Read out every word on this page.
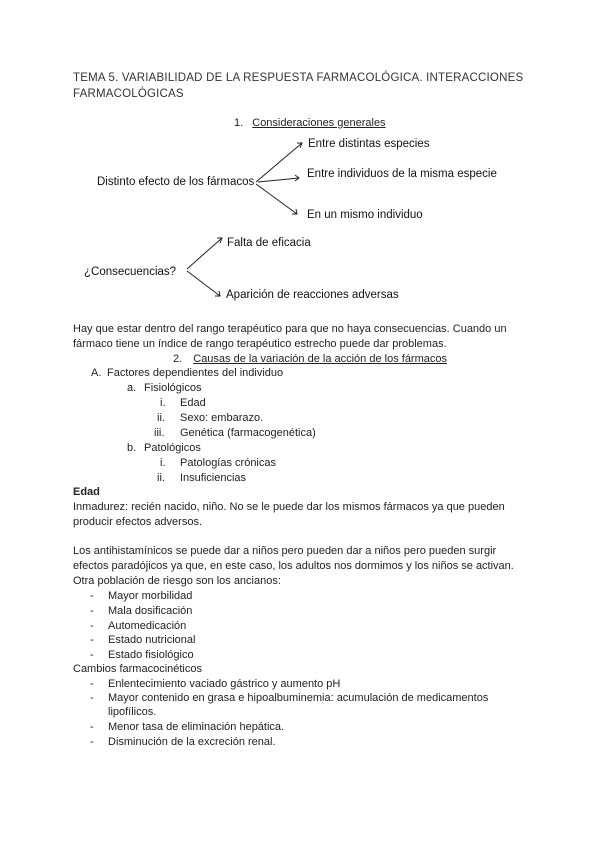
TEMA 5. VARIABILIDAD DE LA RESPUESTA FARMACOLÓGICA. INTERACCIONES
FARMACOLÓGICAS
1. Consideraciones generales
Distinto efecto de los fármacos
Entre distintas especies
Entre individuos de la misma especie
En un mismo individuo
¿Consecuencias?
Falta de eficacia
Aparición de reacciones adversas
Hay que estar dentro del rango terapéutico para que no haya consecuencias. Cuando un
fármaco tiene un índice de rango terapéutico estrecho puede dar problemas.
2. Causas de la variación de la acción de los fármacos
A. Factores dependientes del individuo
a. Fisiológicos
i. Edad
ii. Sexo: embarazo.
iii. Genética (farmacogenética)
b. Patológicos
i. Patologías crónicas
ii. Insuficiencias
Edad
Inmadurez: recién nacido, niño. No se le puede dar los mismos fármacos ya que pueden
producir efectos adversos.
Los antihistamínicos se puede dar a niños pero pueden dar a niños pero pueden surgir
efectos paradójicos ya que, en este caso, los adultos nos dormimos y los niños se activan.
Otra población de riesgo son los ancianos:
- Mayor morbilidad
- Mala dosificación
- Automedicación
- Estado nutricional
- Estado fisiológico
Cambios farmacocinéticos
- Enlentecimiento vaciado gástrico y aumento pH
- Mayor contenido en grasa e hipoalbuminemia: acumulación de medicamentos
lipofílicos.
- Menor tasa de eliminación hepática.
- Disminución de la excreción renal.
